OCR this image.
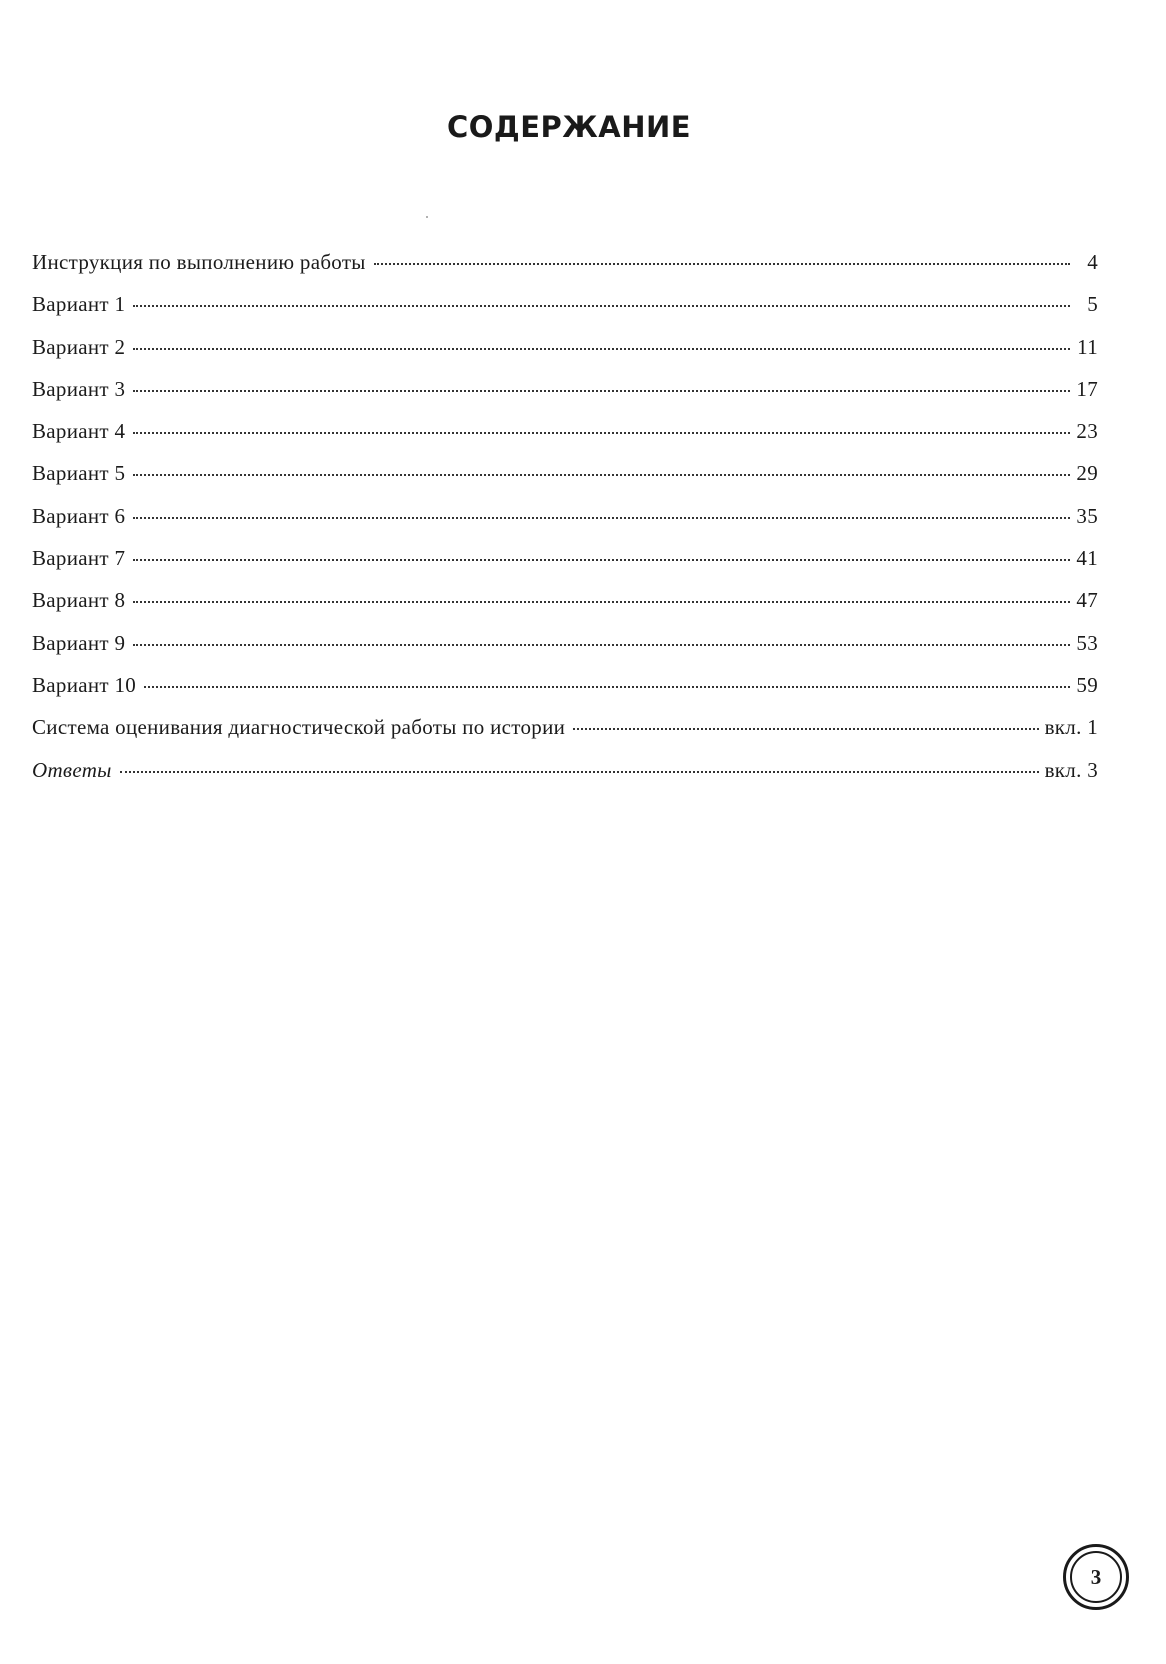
СОДЕРЖАНИЕ
Инструкция по выполнению работы	4
Вариант 1	5
Вариант 2	11
Вариант 3	17
Вариант 4	23
Вариант 5	29
Вариант 6	35
Вариант 7	41
Вариант 8	47
Вариант 9	53
Вариант 10	59
Система оценивания диагностической работы по истории	вкл. 1
Ответы	вкл. 3
3
